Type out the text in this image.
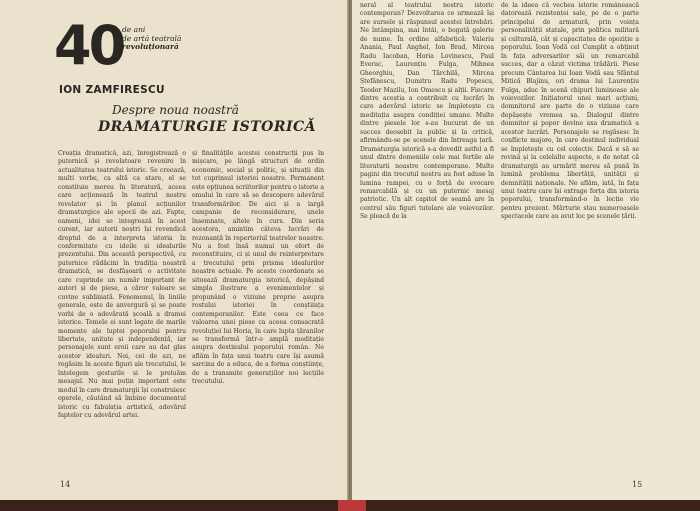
40
de ani
de artă teatrală
revoluționară
ION ZAMFIRESCU
Despre noua noastră
DRAMATURGIE ISTORICĂ

Creația dramatică, azi, înregistrează o puternică și revelatoare revenire în actualitatea teatrului istoric. Se creează, multi vorbe, ca altă ca atare, el se constituie mereu în literatură, aceea care acționează în teatrul nostru revelator și în planul acțiunilor dramaturgice ale epocii de azi. Fapte, oameni, idei se integrează în acest curent, iar autorii noștri își revendică dreptul de a interpreta istoria în conformitate cu ideile și idealurile prezentului. Din această perspectivă, cu puternice rădăcini în tradiția noastră dramatică, se desfășoară o activitate care cuprinde un număr important de autori și de piese, a căror valoare se cuvine subliniată. Fenomenul, în liniile generale, este de anvergură și se poate vorbi de o adevărată școală a dramei istorice. Temele ei sunt legate de marile momente ale luptei poporului pentru libertate, unitate și independență, iar personajele sunt eroii care au dat glas acestor idealuri. Noi, cei de azi, ne regăsim în aceste figuri ale trecutului, le înțelegem gesturile și le preluăm mesajul. Nu mai puțin important este modul în care dramaturgii își construiesc operele, căutând să îmbine documentul istoric cu fabulația artistică, adevărul faptelor cu adevărul artei.

și finalitățile acestei construcții pus în mișcare, pe lângă structuri de ordin economic, social și politic, și situații din tot cuprinsul istoriei noastre. Permanent este opțiunea scriitorilor pentru o istorie a omului în care să se descopere adevărul transformărilor. De aici și a largă campanie de reconsiderare, unele însemnate, altele în curs. Din seria acestora, amintim câteva lucrări de rezonanță în repertoriul teatrelor noastre. Nu a fost însă numai un efort de reconstituire, ci și unul de reinterpretare a trecutului prin prisma idealurilor noastre actuale. Pe aceste coordonate se situează dramaturgia istorică, depășind simpla ilustrare a evenimentelor și propunând o viziune proprie asupra rostului istoriei în conștiința contemporanilor. Este ceea ce face valoarea unei piese ca aceea consacrată revoluției lui Horia, în care lupta țăranilor se transformă într-o amplă meditație asupra destinului poporului român. Ne aflăm în fața unui teatru care își asumă sarcina de a educa, de a forma conștiințe, de a transmite generațiilor noi lecțiile trecutului.

14

neral al teatrului nostru istoric contemporan? Dezvoltarea ce urmează își are sursele și răspunsul acestei întrebări. Ne întâmpina, mai întâi, o bogată galerie de nume. În ordine alfabetică: Valeriu Anania, Paul Anghel, Ion Brad, Mircea Radu Iacoban, Horia Lovinescu, Paul Everac, Laurențiu Fulga, Mihnea Gheorghiu, Dan Tărchilă, Mircea Ștefănescu, Dumitru Radu Popescu, Teodor Mazilu, Ion Omescu și alții. Fiecare dintre aceștia a contribuit cu lucrări în care adevărul istoric se împletește cu meditația asupra condiției umane. Multe dintre piesele lor s-au bucurat de un succes deosebit la public și la critică, afirmându-se pe scenele din întreaga țară. Dramaturgia istorică s-a dovedit astfel a fi unul dintre domeniile cele mai fertile ale literaturii noastre contemporane. Multe pagini din trecutul nostru au fost aduse în lumina rampei, cu o forță de evocare remarcabilă și cu un puternic mesaj patriotic. Un alt capitol de seamă are în centrul său figuri tutelare ale voievozilor. Se pleacă de la

de la ideea că vechea istorie românească datorează rezistenței sale, pe de o parte principelui de armatură, prin voința personalității statale, prin politica militară și culturală, cât și capacitatea de opoziție a poporului. Ioan Vodă cel Cumplit a obținut în fața adversarilor săi un remarcabil succes, dar a căzut victima trădării. Piese precum Cântarea lui Ioan Vodă sau Sfântul Mitică Blajinu, ori drama lui Laurențiu Fulga, aduc în scenă chipuri luminoase ale voievozilor. Inițiatorul unei mari acțiuni, domnitorul are parte de o viziune care depășește vremea sa. Dialogul dintre domnitor și popor devine axa dramatică a acestor lucrări. Personajele se regăsesc în conflicte majore, în care destinul individual se împletește cu cel colectiv. Dacă e să se revină și la celelalte aspecte, e de notat că dramaturgii au urmărit mereu să pună în lumină problema libertății, unității și demnității naționale. Ne aflăm, iată, în fața unui teatru care își extrage forța din istoria poporului, transformând-o în lecție vie pentru prezent. Mărturie stau numeroasele spectacole care au avut loc pe scenele țării.

15
